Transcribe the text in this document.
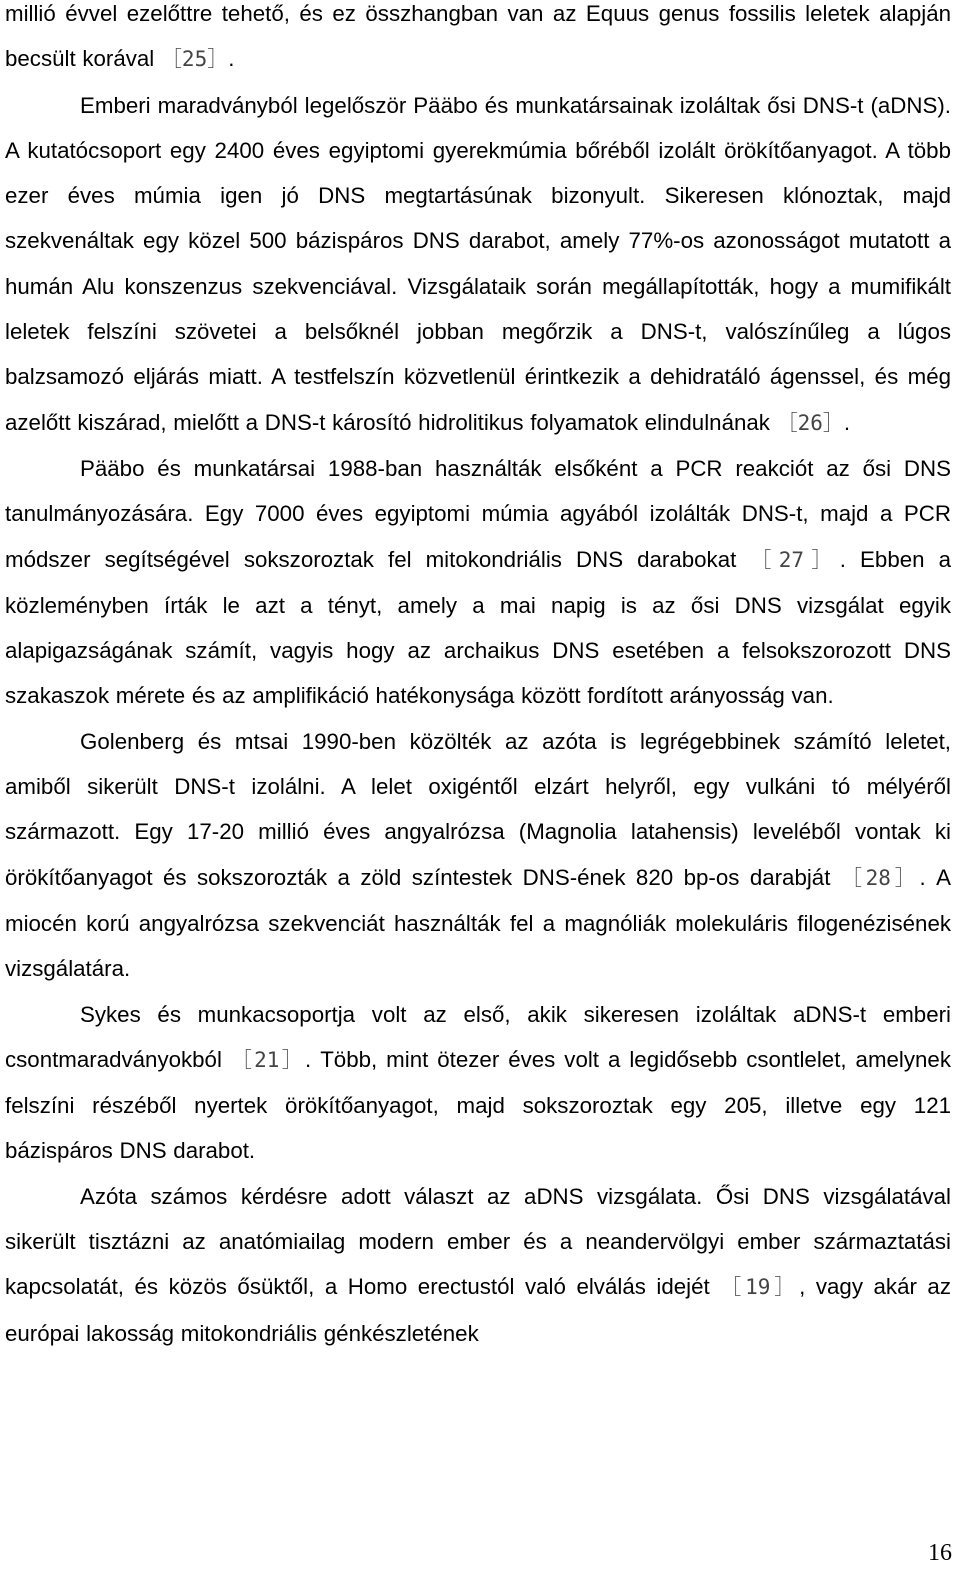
millió évvel ezelőttre tehető, és ez összhangban van az Equus genus fossilis leletek alapján becsült korával ［25］.

Emberi maradványból legelőször Pääbo és munkatársainak izoláltak ősi DNS-t (aDNS). A kutatócsoport egy 2400 éves egyiptomi gyerekmúmia bőréből izolált örökítőanyagot. A több ezer éves múmia igen jó DNS megtartásúnak bizonyult. Sikeresen klónoztak, majd szekvenáltak egy közel 500 bázispáros DNS darabot, amely 77%-os azonosságot mutatott a humán Alu konszenzus szekvenciával. Vizsgálataik során megállapították, hogy a mumifikált leletek felszíni szövetei a belsőknél jobban megőrzik a DNS-t, valószínűleg a lúgos balzsamozó eljárás miatt. A testfelszín közvetlenül érintkezik a dehidratáló ágenssel, és még azelőtt kiszárad, mielőtt a DNS-t károsító hidrolitikus folyamatok elindulnának ［26］.

Pääbo és munkatársai 1988-ban használták elsőként a PCR reakciót az ősi DNS tanulmányozására. Egy 7000 éves egyiptomi múmia agyából izolálták DNS-t, majd a PCR módszer segítségével sokszoroztak fel mitokondriális DNS darabokat ［27］. Ebben a közleményben írták le azt a tényt, amely a mai napig is az ősi DNS vizsgálat egyik alapigazságának számít, vagyis hogy az archaikus DNS esetében a felsokszorozott DNS szakaszok mérete és az amplifikáció hatékonysága között fordított arányosság van.

Golenberg és mtsai 1990-ben közölték az azóta is legrégebbinek számító leletet, amiből sikerült DNS-t izolálni. A lelet oxigéntől elzárt helyről, egy vulkáni tó mélyéről származott. Egy 17-20 millió éves angyalrózsa (Magnolia latahensis) leveléből vontak ki örökítőanyagot és sokszorozták a zöld színtestek DNS-ének 820 bp-os darabját ［28］. A miocén korú angyalrózsa szekvenciát használták fel a magnóliák molekuláris filogenézisének vizsgálatára.

Sykes és munkacsoportja volt az első, akik sikeresen izoláltak aDNS-t emberi csontmaradványokból ［21］. Több, mint ötezer éves volt a legidősebb csontlelet, amelynek felszíni részéből nyertek örökítőanyagot, majd sokszoroztak egy 205, illetve egy 121 bázispáros DNS darabot.

Azóta számos kérdésre adott választ az aDNS vizsgálata. Ősi DNS vizsgálatával sikerült tisztázni az anatómiailag modern ember és a neandervölgyi ember származtatási kapcsolatát, és közös ősüktől, a Homo erectustól való elválás idejét ［19］, vagy akár az európai lakosság mitokondriális génkészletének

16
